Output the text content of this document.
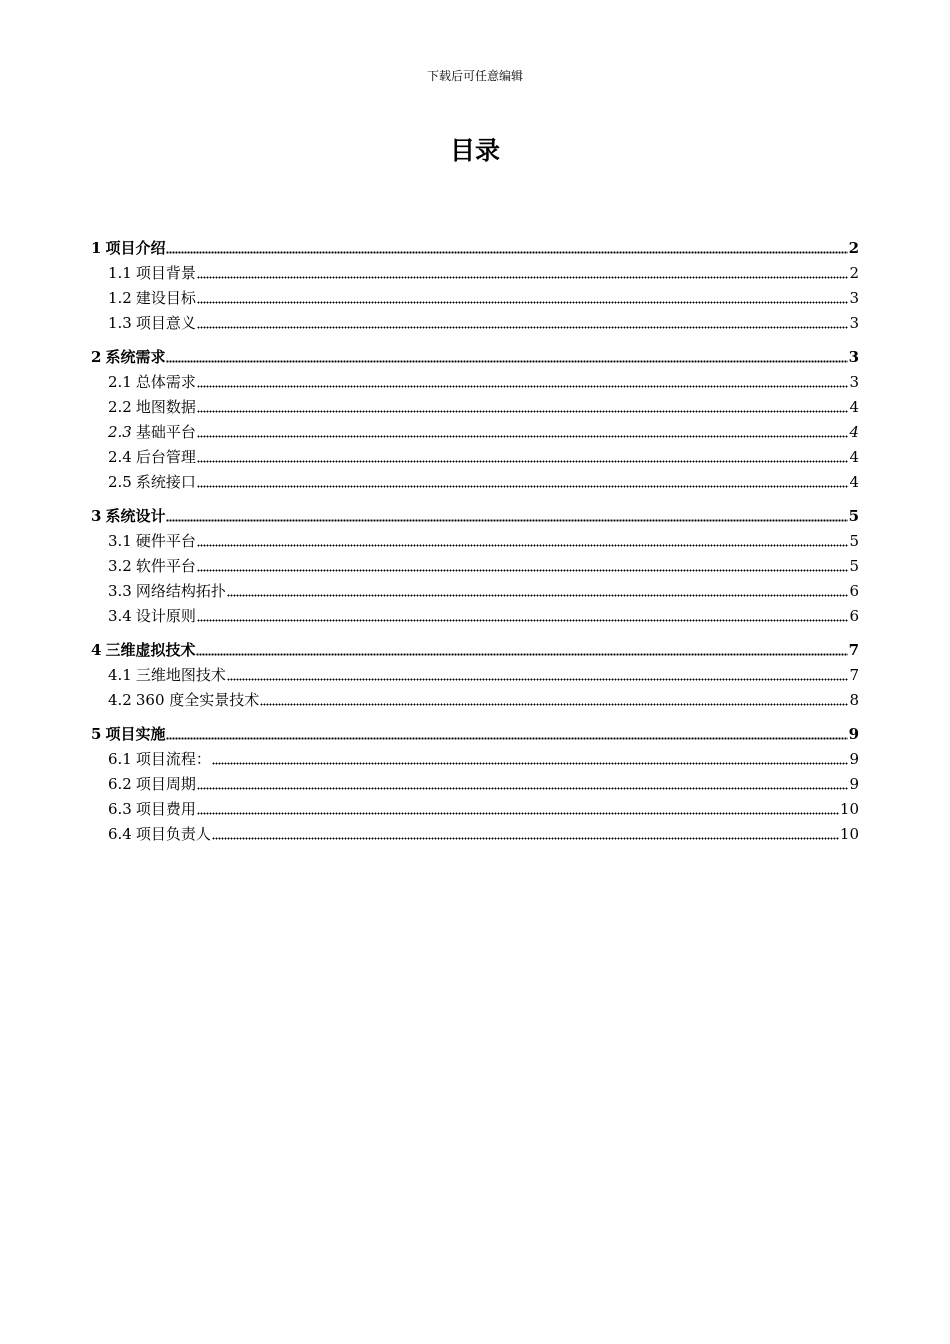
下载后可任意编辑
目录
1 项目介绍	2
1.1 项目背景	2
1.2 建设目标	3
1.3 项目意义	3
2 系统需求	3
2.1 总体需求	3
2.2 地图数据	4
2.3 基础平台	4
2.4 后台管理	4
2.5 系统接口	4
3 系统设计	5
3.1 硬件平台	5
3.2 软件平台	5
3.3 网络结构拓扑	6
3.4 设计原则	6
4 三维虚拟技术	7
4.1 三维地图技术	7
4.2 360 度全实景技术	8
5 项目实施	9
6.1 项目流程：	9
6.2 项目周期	9
6.3 项目费用	10
6.4 项目负责人	10
